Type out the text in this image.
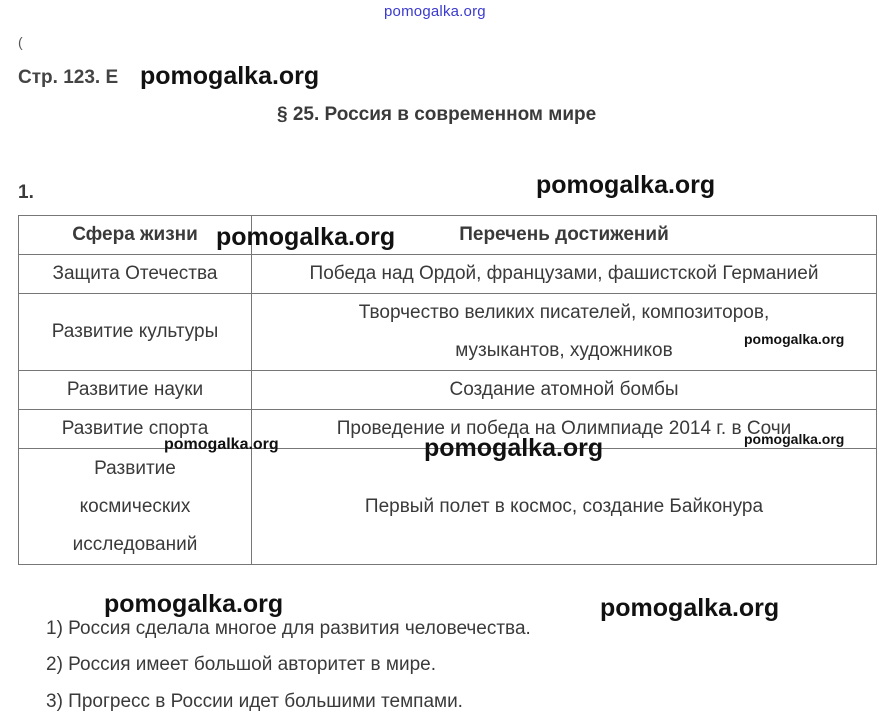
pomogalka.org
(
Стр. 123. Е pomogalka.org
§ 25. Россия в современном мире
1.
Сфера жизни	Перечень достижений
Защита Отечества	Победа над Ордой, французами, фашистской Германией
Развитие культуры	Творчество великих писателей, композиторов, музыкантов, художников
Развитие науки	Создание атомной бомбы
Развитие спорта	Проведение и победа на Олимпиаде 2014 г. в Сочи
Развитие космических исследований	Первый полет в космос, создание Байконура
pomogalka.org
pomogalka.org
pomogalka.org
pomogalka.org
pomogalka.org	pomogalka.org
pomogalka.org	pomogalka.org
1) Россия сделала многое для развития человечества.
2) Россия имеет большой авторитет в мире.
3) Прогресс в России идет большими темпами.
